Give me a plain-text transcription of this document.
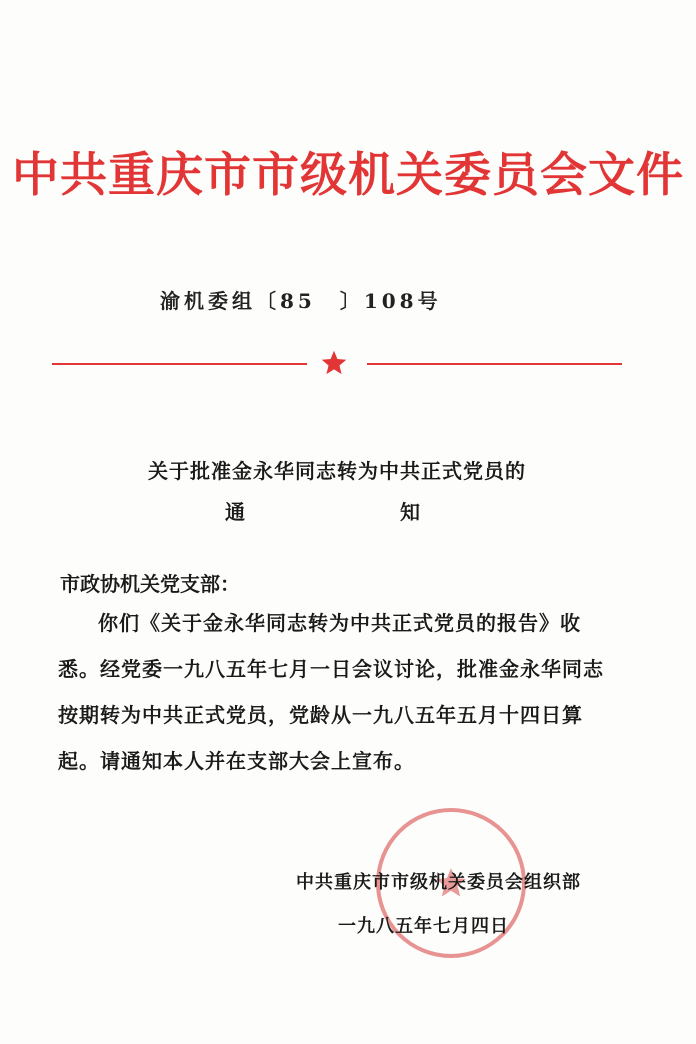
中共重庆市市级机关委员会文件
渝机委组〔85　〕108号
关于批准金永华同志转为中共正式党员的
通	知
市政协机关党支部：
你们《关于金永华同志转为中共正式党员的报告》收悉。经党委一九八五年七月一日会议讨论，批准金永华同志按期转为中共正式党员，党龄从一九八五年五月十四日算起。请通知本人并在支部大会上宣布。
中共重庆市市级机关委员会组织部
一九八五年七月四日
